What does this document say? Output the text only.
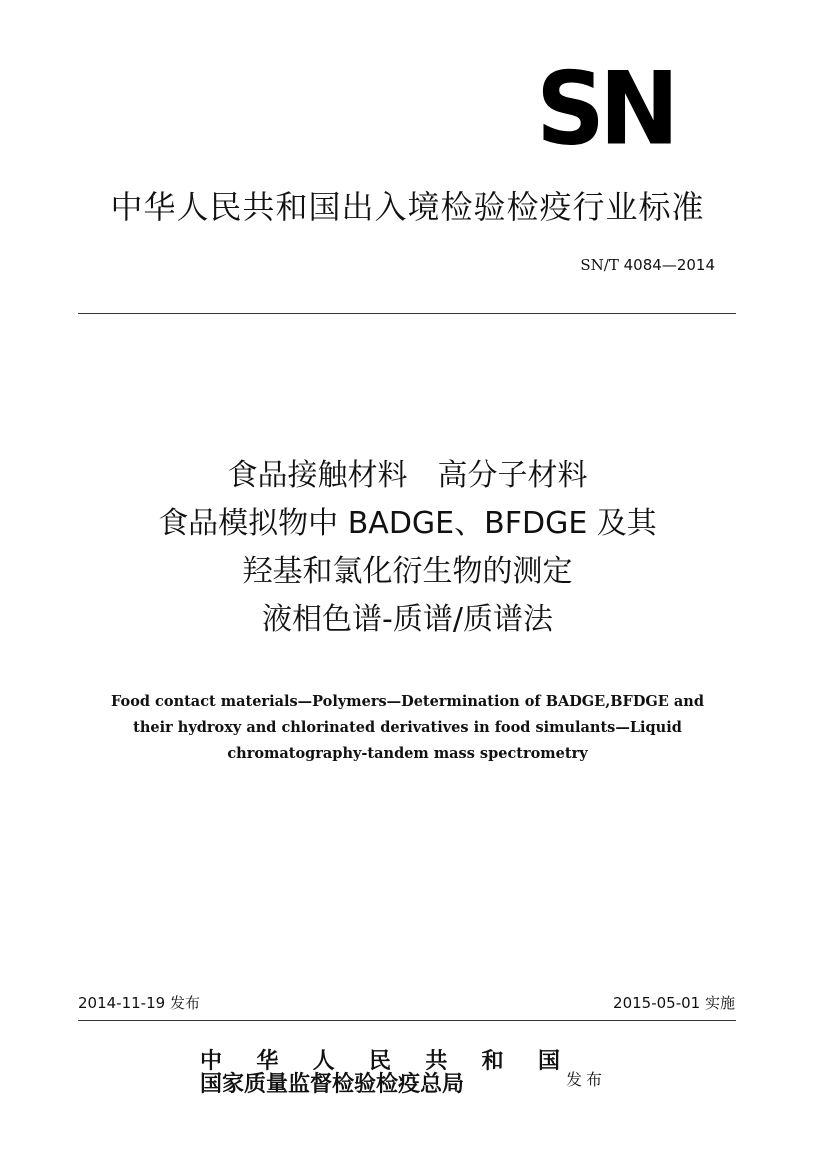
SN
中华人民共和国出入境检验检疫行业标准
SN/T 4084—2014
食品接触材料　高分子材料
食品模拟物中 BADGE、BFDGE 及其
羟基和氯化衍生物的测定
液相色谱-质谱/质谱法
Food contact materials—Polymers—Determination of BADGE,BFDGE and
their hydroxy and chlorinated derivatives in food simulants—Liquid
chromatography-tandem mass spectrometry
2014-11-19 发布	2015-05-01 实施
中 华 人 民 共 和 国
国家质量监督检验检疫总局	发布
